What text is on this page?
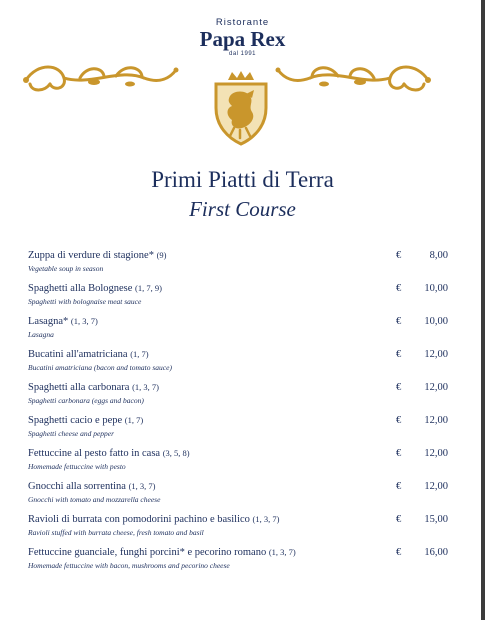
Ristorante
Papa Rex
dal 1991
Primi Piatti di Terra
First Course
Zuppa di verdure di stagione* (9)
Vegetable soup in season
€	8,00
Spaghetti alla Bolognese (1, 7, 9)
Spaghetti with bolognaise meat sauce
€ 10,00
Lasagna* (1, 3, 7)
Lasagna
€ 10,00
Bucatini all'amatriciana (1, 7)
Bucatini amatriciana (bacon and tomato sauce)
€ 12,00
Spaghetti alla carbonara (1, 3, 7)
Spaghetti carbonara (eggs and bacon)
€ 12,00
Spaghetti cacio e pepe (1, 7)
Spaghetti cheese and pepper
€ 12,00
Fettuccine al pesto fatto in casa (3, 5, 8)
Homemade fettuccine with pesto
€ 12,00
Gnocchi alla sorrentina (1, 3, 7)
Gnocchi with tomato and mozzarella cheese
€ 12,00
Ravioli di burrata con pomodorini pachino e basilico (1, 3, 7)
Ravioli stuffed with burrata cheese, fresh tomato and basil
€ 15,00
Fettuccine guanciale, funghi porcini* e pecorino romano (1, 3, 7)
Homemade fettuccine with bacon, mushrooms and pecorino cheese
€ 16,00
